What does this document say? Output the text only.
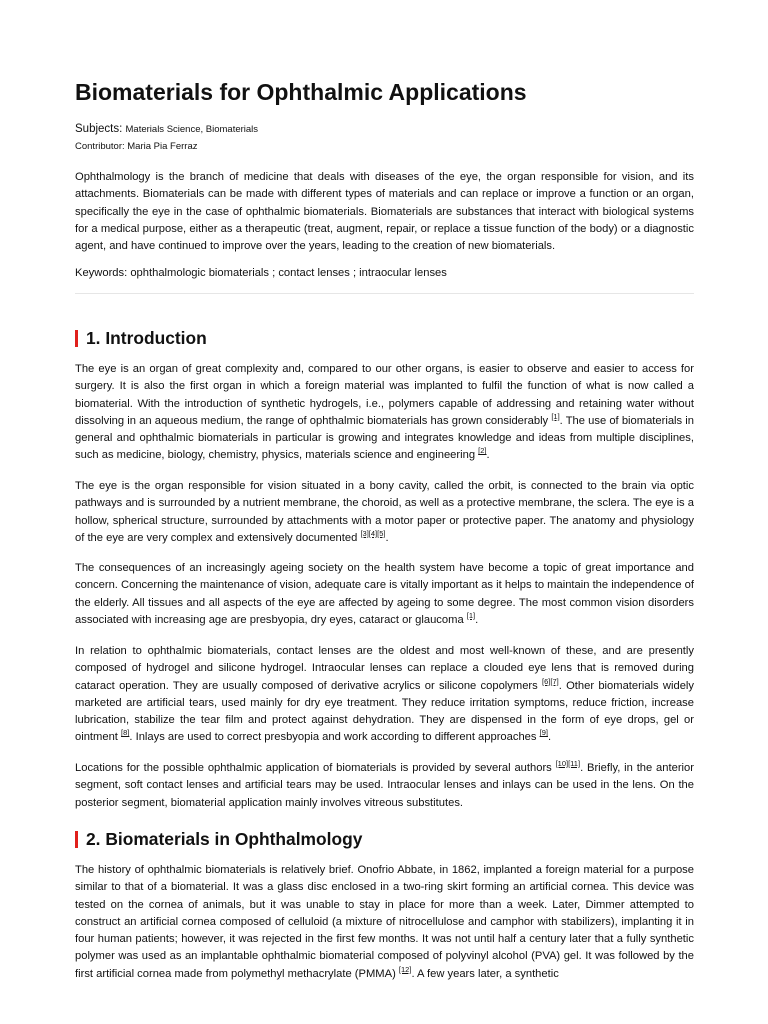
Biomaterials for Ophthalmic Applications
Subjects: Materials Science, Biomaterials
Contributor: Maria Pia Ferraz

Ophthalmology is the branch of medicine that deals with diseases of the eye, the organ responsible for vision, and its attachments. Biomaterials can be made with different types of materials and can replace or improve a function or an organ, specifically the eye in the case of ophthalmic biomaterials. Biomaterials are substances that interact with biological systems for a medical purpose, either as a therapeutic (treat, augment, repair, or replace a tissue function of the body) or a diagnostic agent, and have continued to improve over the years, leading to the creation of new biomaterials.

Keywords: ophthalmologic biomaterials ; contact lenses ; intraocular lenses
1. Introduction

The eye is an organ of great complexity and, compared to our other organs, is easier to observe and easier to access for surgery. It is also the first organ in which a foreign material was implanted to fulfil the function of what is now called a biomaterial. With the introduction of synthetic hydrogels, i.e., polymers capable of addressing and retaining water without dissolving in an aqueous medium, the range of ophthalmic biomaterials has grown considerably [1]. The use of biomaterials in general and ophthalmic biomaterials in particular is growing and integrates knowledge and ideas from multiple disciplines, such as medicine, biology, chemistry, physics, materials science and engineering [2].

The eye is the organ responsible for vision situated in a bony cavity, called the orbit, is connected to the brain via optic pathways and is surrounded by a nutrient membrane, the choroid, as well as a protective membrane, the sclera. The eye is a hollow, spherical structure, surrounded by attachments with a motor paper or protective paper. The anatomy and physiology of the eye are very complex and extensively documented [3][4][5].

The consequences of an increasingly ageing society on the health system have become a topic of great importance and concern. Concerning the maintenance of vision, adequate care is vitally important as it helps to maintain the independence of the elderly. All tissues and all aspects of the eye are affected by ageing to some degree. The most common vision disorders associated with increasing age are presbyopia, dry eyes, cataract or glaucoma [1].

In relation to ophthalmic biomaterials, contact lenses are the oldest and most well-known of these, and are presently composed of hydrogel and silicone hydrogel. Intraocular lenses can replace a clouded eye lens that is removed during cataract operation. They are usually composed of derivative acrylics or silicone copolymers [6][7]. Other biomaterials widely marketed are artificial tears, used mainly for dry eye treatment. They reduce irritation symptoms, reduce friction, increase lubrication, stabilize the tear film and protect against dehydration. They are dispensed in the form of eye drops, gel or ointment [8]. Inlays are used to correct presbyopia and work according to different approaches [9].

Locations for the possible ophthalmic application of biomaterials is provided by several authors [10][11]. Briefly, in the anterior segment, soft contact lenses and artificial tears may be used. Intraocular lenses and inlays can be used in the lens. On the posterior segment, biomaterial application mainly involves vitreous substitutes.

2. Biomaterials in Ophthalmology

The history of ophthalmic biomaterials is relatively brief. Onofrio Abbate, in 1862, implanted a foreign material for a purpose similar to that of a biomaterial. It was a glass disc enclosed in a two-ring skirt forming an artificial cornea. This device was tested on the cornea of animals, but it was unable to stay in place for more than a week. Later, Dimmer attempted to construct an artificial cornea composed of celluloid (a mixture of nitrocellulose and camphor with stabilizers), implanting it in four human patients; however, it was rejected in the first few months. It was not until half a century later that a fully synthetic polymer was used as an implantable ophthalmic biomaterial composed of polyvinyl alcohol (PVA) gel. It was followed by the first artificial cornea made from polymethyl methacrylate (PMMA) [12]. A few years later, a synthetic
